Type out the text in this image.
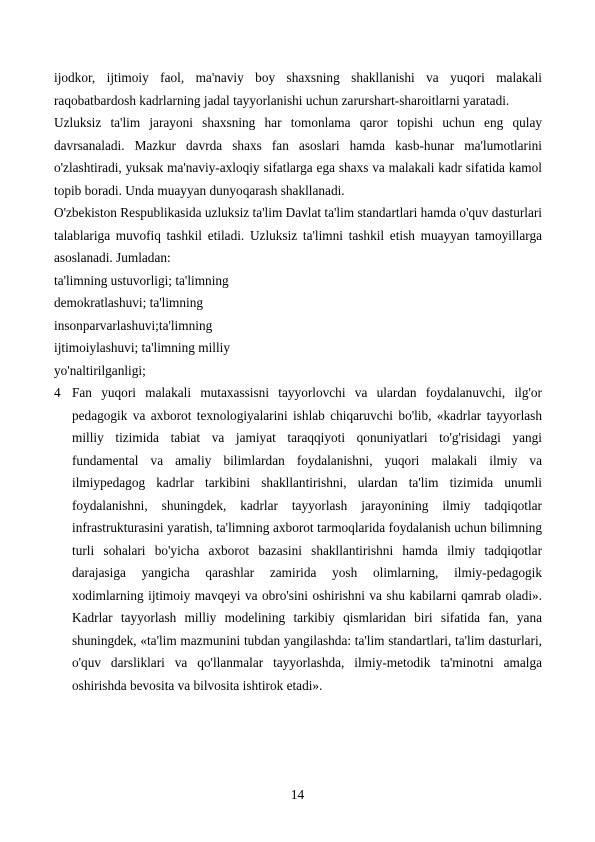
ijodkor, ijtimoiy faol, ma'naviy boy shaxsning shakllanishi va yuqori malakali raqobatbardosh kadrlarning jadal tayyorlanishi uchun zarurshart-sharoitlarni yaratadi.

Uzluksiz ta'lim jarayoni shaxsning har tomonlama qaror topishi uchun eng qulay davrsanaladi. Mazkur davrda shaxs fan asoslari hamda kasb-hunar ma'lumotlarini o'zlashtiradi, yuksak ma'naviy-axloqiy sifatlarga ega shaxs va malakali kadr sifatida kamol topib boradi. Unda muayyan dunyoqarash shakllanadi.

O'zbekiston Respublikasida uzluksiz ta'lim Davlat ta'lim standartlari hamda o'quv dasturlari talablariga muvofiq tashkil etiladi. Uzluksiz ta'limni tashkil etish muayyan tamoyillarga asoslanadi. Jumladan:

ta'limning ustuvorligi; ta'limning

demokratlashuvi; ta'limning

insonparvarlashuvi;ta'limning

ijtimoiylashuvi; ta'limning milliy

yo'naltirilganligi;

4 Fan yuqori malakali mutaxassisni tayyorlovchi va ulardan foydalanuvchi, ilg'or pedagogik va axborot texnologiyalarini ishlab chiqaruvchi bo'lib, «kadrlar tayyorlash milliy tizimida tabiat va jamiyat taraqqiyoti qonuniyatlari to'g'risidagi yangi fundamental va amaliy bilimlardan foydalanishni, yuqori malakali ilmiy va ilmiypedagog kadrlar tarkibini shakllantirishni, ulardan ta'lim tizimida unumli foydalanishni, shuningdek, kadrlar tayyorlash jarayonining ilmiy tadqiqotlar infrastrukturasini yaratish, ta'limning axborot tarmoqlarida foydalanish uchun bilimning turli sohalari bo'yicha axborot bazasini shakllantirishni hamda ilmiy tadqiqotlar darajasiga yangicha qarashlar zamirida yosh olimlarning, ilmiy-pedagogik xodimlarning ijtimoiy mavqeyi va obro'sini oshirishni va shu kabilarni qamrab oladi». Kadrlar tayyorlash milliy modelining tarkibiy qismlaridan biri sifatida fan, yana shuningdek, «ta'lim mazmunini tubdan yangilashda: ta'lim standartlari, ta'lim dasturlari, o'quv darsliklari va qo'llanmalar tayyorlashda, ilmiy-metodik ta'minotni amalga oshirishda bevosita va bilvosita ishtirok etadi».
14
